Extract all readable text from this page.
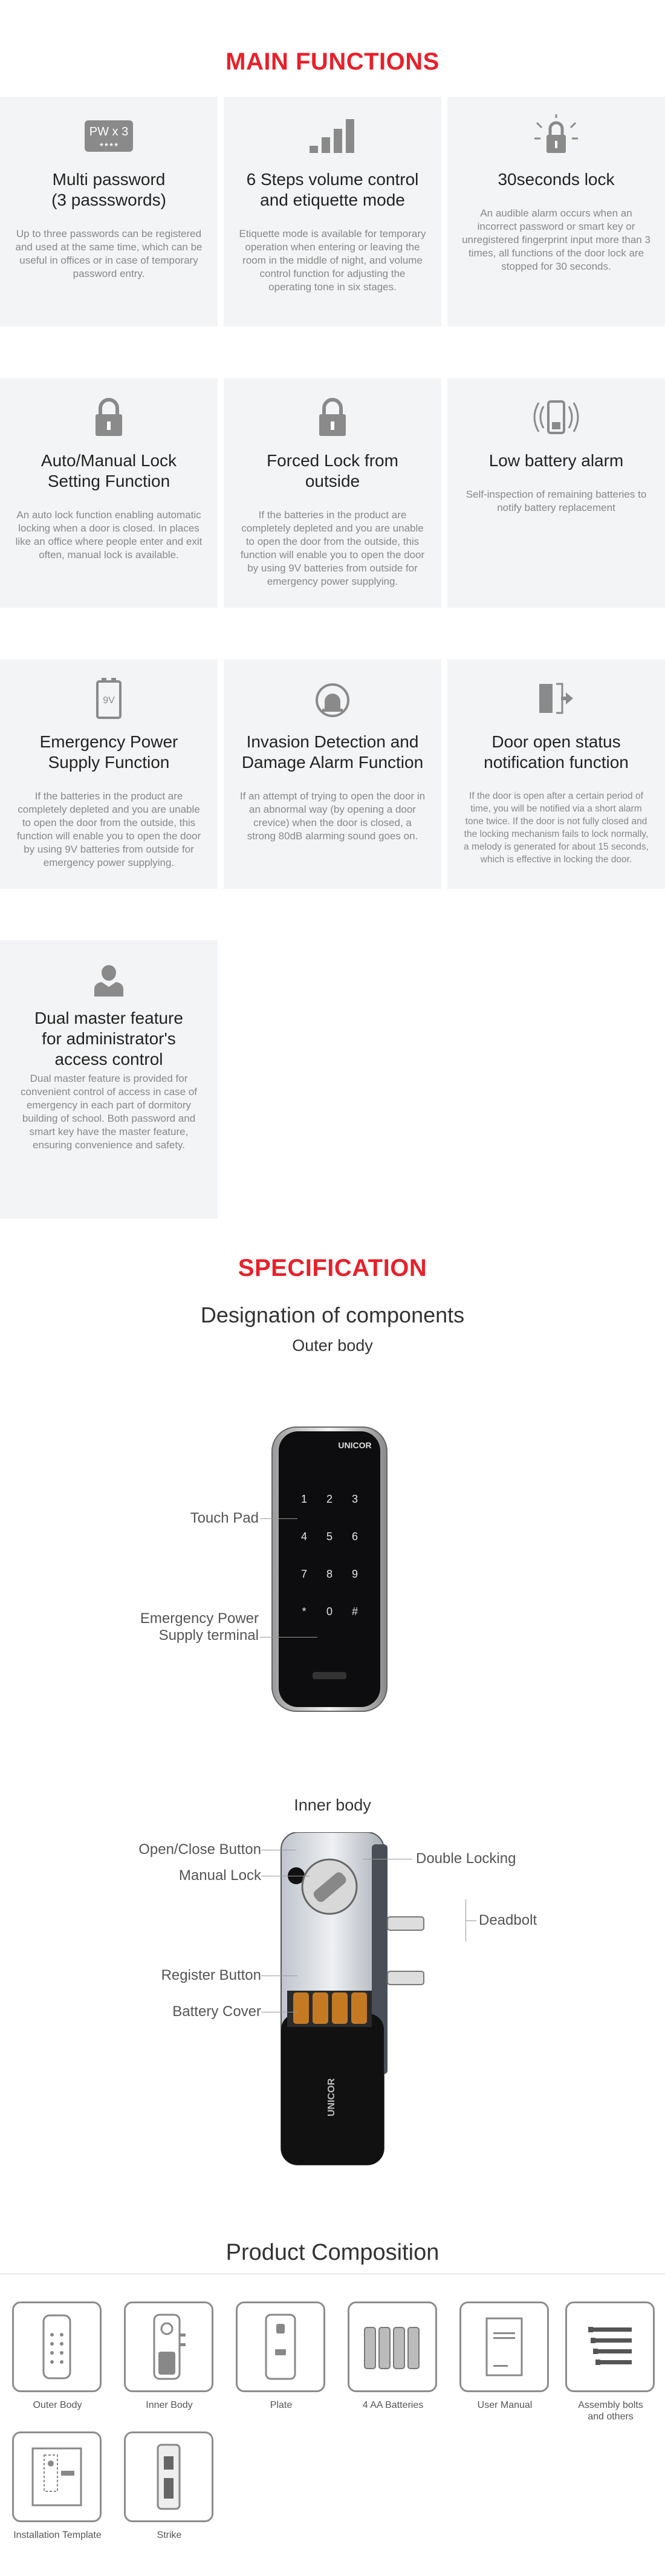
MAIN FUNCTIONS
PW x 3
★★★★
Multi password
(3 passswords)

Up to three passwords can be registered and used at the same time, which can be useful in offices or in case of temporary password entry.

6 Steps volume control
and etiquette mode

Etiquette mode is available for temporary operation when entering or leaving the room in the middle of night, and volume control function for adjusting the operating tone in six stages.

30seconds lock

An audible alarm occurs when an incorrect password or smart key or unregistered fingerprint input more than 3 times, all functions of the door lock are stopped for 30 seconds.

Auto/Manual Lock
Setting Function

An auto lock function enabling automatic locking when a door is closed. In places like an office where people enter and exit often, manual lock is available.

Forced Lock from
outside

If the batteries in the product are completely depleted and you are unable to open the door from the outside, this function will enable you to open the door by using 9V batteries from outside for emergency power supplying.

Low battery alarm

Self-inspection of remaining batteries to notify battery replacement

9V
Emergency Power
Supply Function

If the batteries in the product are completely depleted and you are unable to open the door from the outside, this function will enable you to open the door by using 9V batteries from outside for emergency power supplying.

Invasion Detection and
Damage Alarm Function

If an attempt of trying to open the door in an abnormal way (by opening a door crevice) when the door is closed, a strong 80dB alarming sound goes on.

Door open status
notification function

If the door is open after a certain period of time, you will be notified via a short alarm tone twice. If the door is not fully closed and the locking mechanism fails to lock normally, a melody is generated for about 15 seconds, which is effective in locking the door.

Dual master feature
for administrator's
access control

Dual master feature is provided for convenient control of access in case of emergency in each part of dormitory building of school. Both password and smart key have the master feature, ensuring convenience and safety.

SPECIFICATION
Designation of components
Outer body
UNICOR
1 2 3
4 5 6
7 8 9
* 0 #
Touch Pad
Emergency Power
Supply terminal
Inner body
UNICOR
Open/Close Button
Manual Lock
Register Button
Battery Cover
Double Locking
Deadbolt
Product Composition
Outer Body	Inner Body	Plate	4 AA Batteries	User Manual	Assembly bolts
and others
Installation Template	Strike
